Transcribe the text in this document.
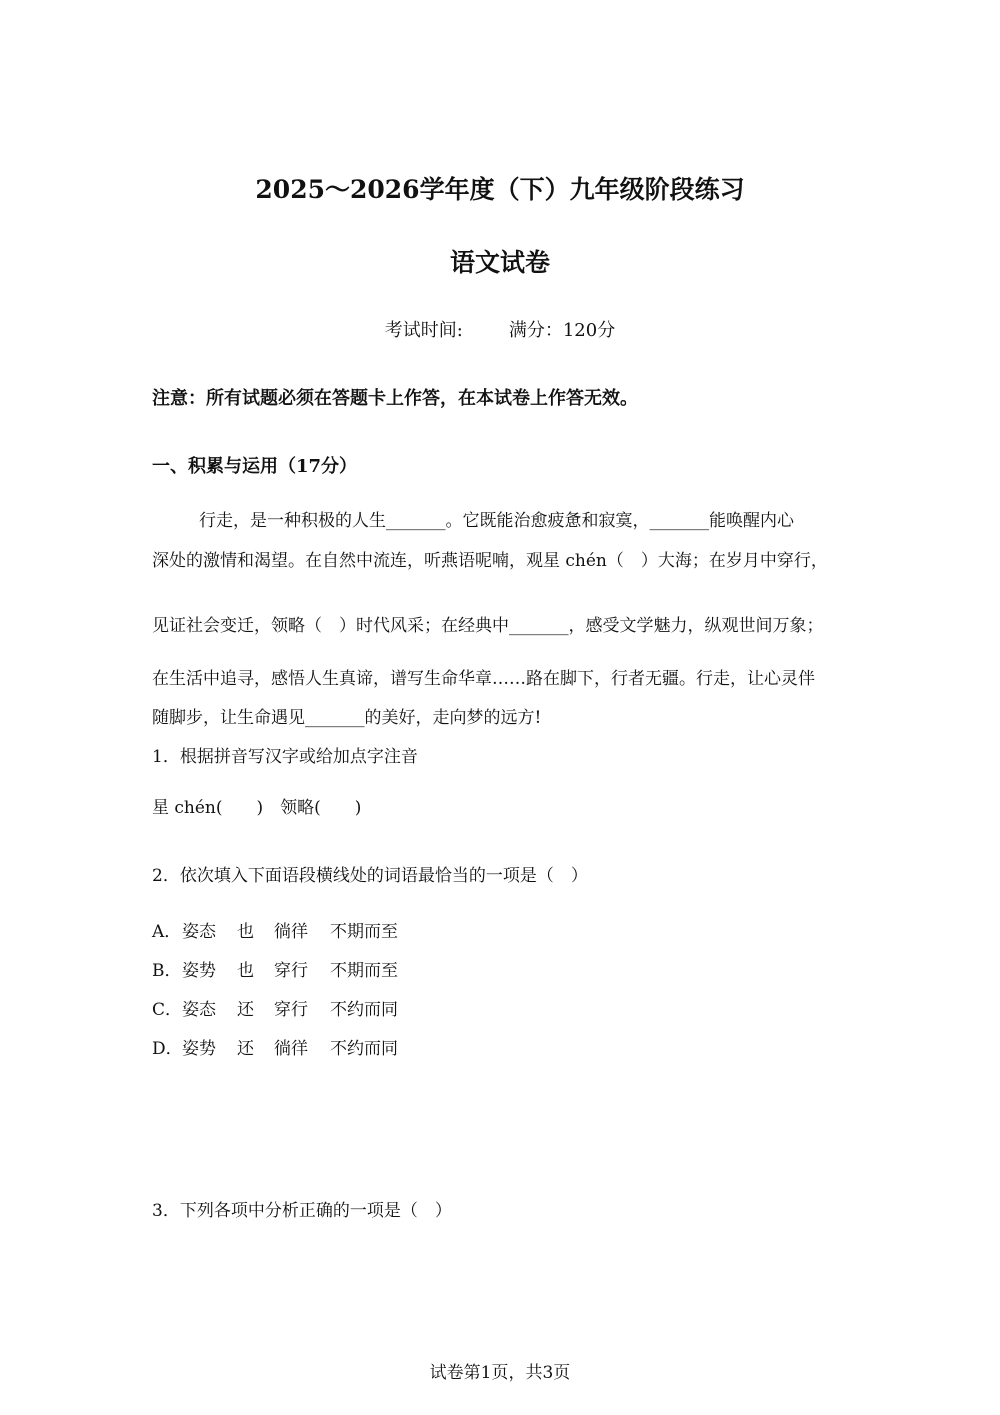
2025～2026学年度（下）九年级阶段练习
语文试卷
考试时间:	满分：120分
注意：所有试题必须在答题卡上作答，在本试卷上作答无效。
一、积累与运用（17分）
行走，是一种积极的人生_______。它既能治愈疲惫和寂寞，_______能唤醒内心
深处的激情和渴望。在自然中流连，听燕语呢喃，观星 chén（　）大海；在岁月中穿行，
见证社会变迁，领略（　）时代风采；在经典中_______，感受文学魅力，纵观世间万象；
在生活中追寻，感悟人生真谛，谱写生命华章……路在脚下，行者无疆。行走，让心灵伴
随脚步，让生命遇见_______的美好，走向梦的远方!
1．根据拼音写汉字或给加点字注音
星 chén(　　)　领略(　　)
2．依次填入下面语段横线处的词语最恰当的一项是（　）
A．姿态 也 徜徉 不期而至
B．姿势 也 穿行 不期而至
C．姿态 还 穿行 不约而同
D．姿势 还 徜徉 不约而同
3．下列各项中分析正确的一项是（　）
试卷第1页，共3页
